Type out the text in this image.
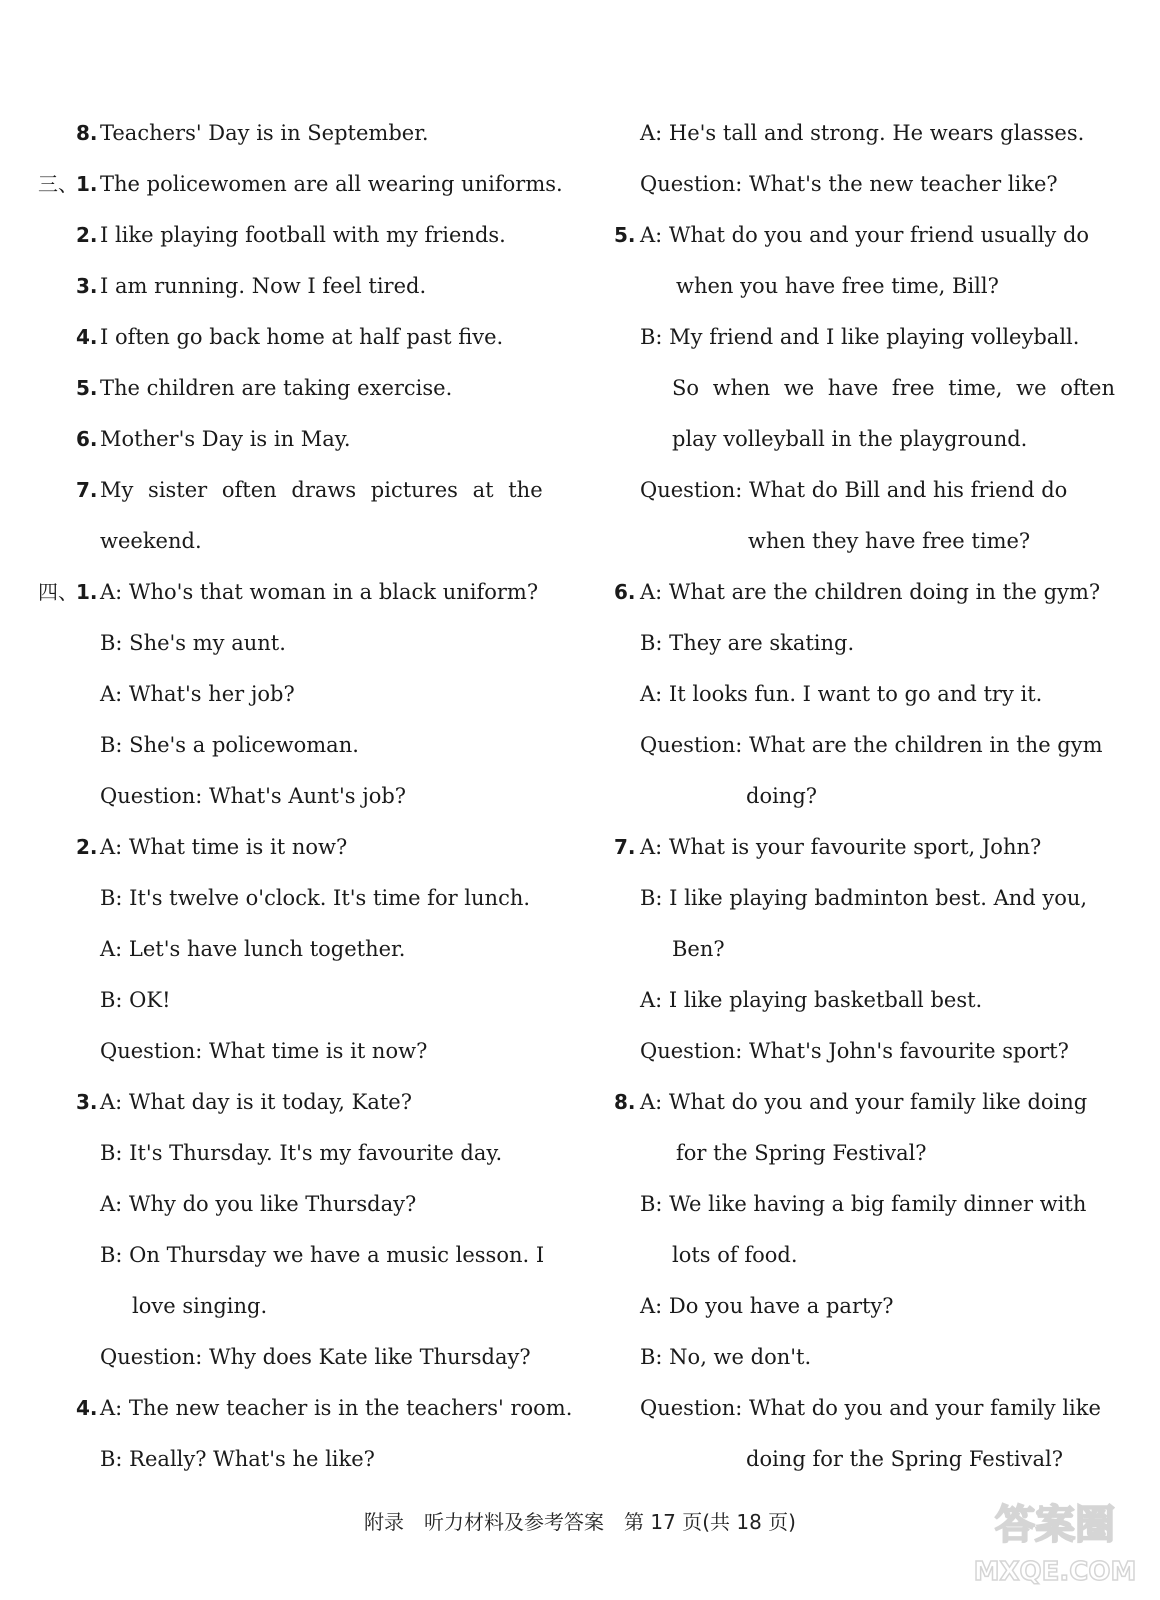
8. Teachers' Day is in September.
三、
1. The policewomen are all wearing uniforms.
2. I like playing football with my friends.
3. I am running. Now I feel tired.
4. I often go back home at half past five.
5. The children are taking exercise.
6. Mother's Day is in May.
7. My sister often draws pictures at the
weekend.
四、
1. A: Who's that woman in a black uniform?
B: She's my aunt.
A: What's her job?
B: She's a policewoman.
Question: What's Aunt's job?
2. A: What time is it now?
B: It's twelve o'clock. It's time for lunch.
A: Let's have lunch together.
B: OK!
Question: What time is it now?
3. A: What day is it today, Kate?
B: It's Thursday. It's my favourite day.
A: Why do you like Thursday?
B: On Thursday we have a music lesson. I
love singing.
Question: Why does Kate like Thursday?
4. A: The new teacher is in the teachers' room.
B: Really? What's he like?
A: He's tall and strong. He wears glasses.
Question: What's the new teacher like?
5. A: What do you and your friend usually do
when you have free time, Bill?
B: My friend and I like playing volleyball.
So when we have free time, we often
play volleyball in the playground.
Question: What do Bill and his friend do
when they have free time?
6. A: What are the children doing in the gym?
B: They are skating.
A: It looks fun. I want to go and try it.
Question: What are the children in the gym
doing?
7. A: What is your favourite sport, John?
B: I like playing badminton best. And you,
Ben?
A: I like playing basketball best.
Question: What's John's favourite sport?
8. A: What do you and your family like doing
for the Spring Festival?
B: We like having a big family dinner with
lots of food.
A: Do you have a party?
B: No, we don't.
Question: What do you and your family like
doing for the Spring Festival?
附录　听力材料及参考答案　第 17 页(共 18 页)	答案圈
MXQE.COM
